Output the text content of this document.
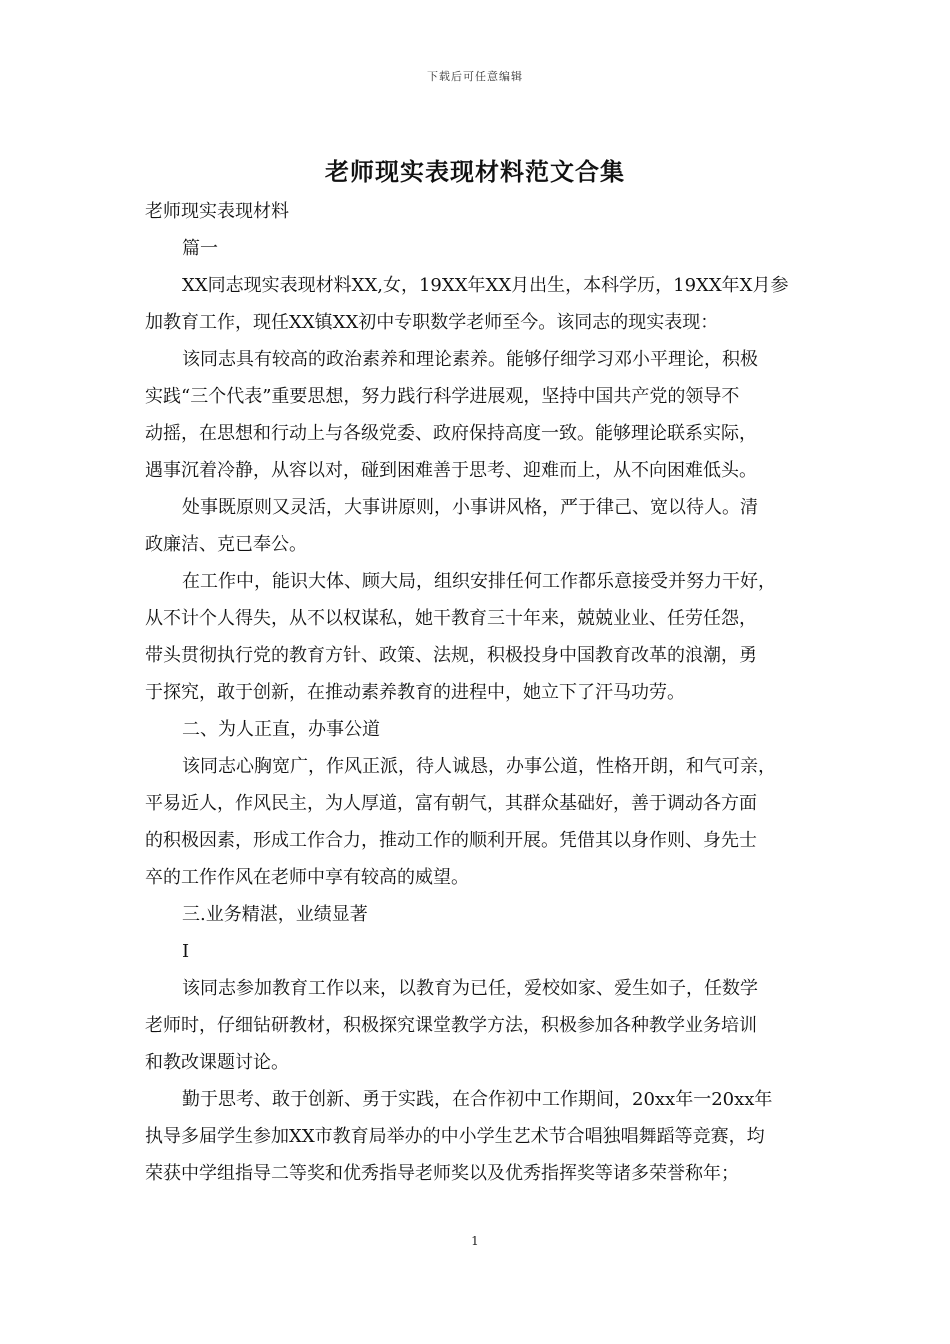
下载后可任意编辑
老师现实表现材料范文合集
老师现实表现材料
篇一
XX同志现实表现材料XX,女，19XX年XX月出生，本科学历，19XX年X月参
加教育工作，现任XX镇XX初中专职数学老师至今。该同志的现实表现：
该同志具有较高的政治素养和理论素养。能够仔细学习邓小平理论，积极
实践“三个代表”重要思想，努力践行科学进展观，坚持中国共产党的领导不
动摇，在思想和行动上与各级党委、政府保持高度一致。能够理论联系实际，
遇事沉着冷静，从容以对，碰到困难善于思考、迎难而上，从不向困难低头。
处事既原则又灵活，大事讲原则，小事讲风格，严于律己、宽以待人。清
政廉洁、克已奉公。
在工作中，能识大体、顾大局，组织安排任何工作都乐意接受并努力干好，
从不计个人得失，从不以权谋私，她干教育三十年来，兢兢业业、任劳任怨，
带头贯彻执行党的教育方针、政策、法规，积极投身中国教育改革的浪潮，勇
于探究，敢于创新，在推动素养教育的进程中，她立下了汗马功劳。
二、为人正直，办事公道
该同志心胸宽广，作风正派，待人诚恳，办事公道，性格开朗，和气可亲，
平易近人，作风民主，为人厚道，富有朝气，其群众基础好，善于调动各方面
的积极因素，形成工作合力，推动工作的顺利开展。凭借其以身作则、身先士
卒的工作作风在老师中享有较高的威望。
三.业务精湛，业绩显著
I
该同志参加教育工作以来，以教育为已任，爱校如家、爱生如子，任数学
老师时，仔细钻研教材，积极探究课堂教学方法，积极参加各种教学业务培训
和教改课题讨论。
勤于思考、敢于创新、勇于实践，在合作初中工作期间，20xx年一20xx年
执导多届学生参加XX市教育局举办的中小学生艺术节合唱独唱舞蹈等竞赛，均
荣获中学组指导二等奖和优秀指导老师奖以及优秀指挥奖等诸多荣誉称年；
1
